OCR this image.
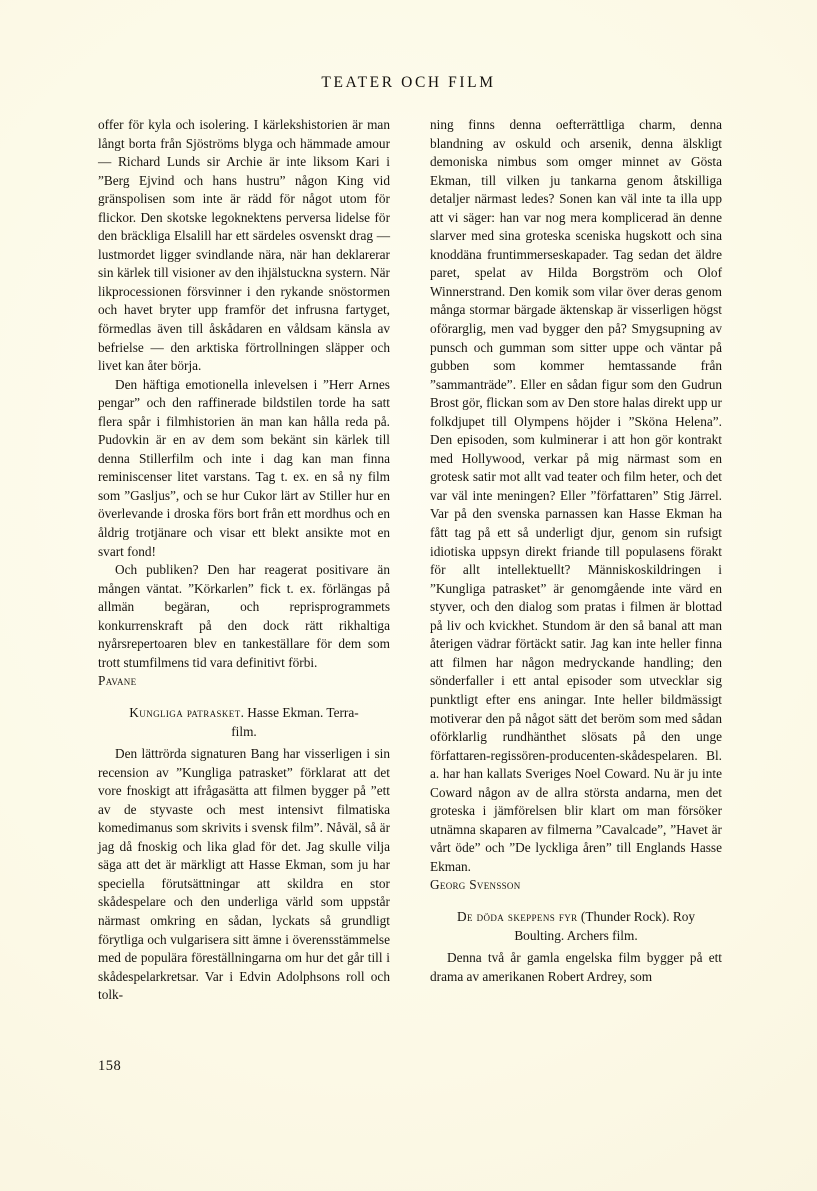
TEATER OCH FILM

offer för kyla och isolering. I kärlekshistorien är man långt borta från Sjöströms blyga och hämmade amour — Richard Lunds sir Archie är inte liksom Kari i ”Berg Ejvind och hans hustru” någon King vid gränspolisen som inte är rädd för något utom för flickor. Den skotske legoknektens perversa lidelse för den bräckliga Elsalill har ett särdeles osvenskt drag — lustmordet ligger svindlande nära, när han deklarerar sin kärlek till visioner av den ihjälstuckna systern. När likprocessionen försvinner i den rykande snöstormen och havet bryter upp framför det infrusna fartyget, förmedlas även till åskådaren en våldsam känsla av befrielse — den arktiska förtrollningen släpper och livet kan åter börja.

Den häftiga emotionella inlevelsen i ”Herr Arnes pengar” och den raffinerade bildstilen torde ha satt flera spår i filmhistorien än man kan hålla reda på. Pudovkin är en av dem som bekänt sin kärlek till denna Stillerfilm och inte i dag kan man finna reminiscenser litet varstans. Tag t. ex. en så ny film som ”Gasljus”, och se hur Cukor lärt av Stiller hur en överlevande i droska förs bort från ett mordhus och en åldrig trotjänare och visar ett blekt ansikte mot en svart fond!

Och publiken? Den har reagerat positivare än mången väntat. ”Körkarlen” fick t. ex. förlängas på allmän begäran, och reprisprogrammets konkurrenskraft på den dock rätt rikhaltiga nyårsrepertoaren blev en tankeställare för dem som trott stumfilmens tid vara definitivt förbi.

Pavane

Kungliga patrasket. Hasse Ekman. Terra-

film.

Den lättrörda signaturen Bang har visserligen i sin recension av ”Kungliga patrasket” förklarat att det vore fnoskigt att ifrågasätta att filmen bygger på ”ett av de styvaste och mest intensivt filmatiska komedimanus som skrivits i svensk film”. Nåväl, så är jag då fnoskig och lika glad för det. Jag skulle vilja säga att det är märkligt att Hasse Ekman, som ju har speciella förutsättningar att skildra en stor skådespelare och den underliga värld som uppstår närmast omkring en sådan, lyckats så grundligt förytliga och vulgarisera sitt ämne i överensstämmelse med de populära föreställningarna om hur det går till i skådespelarkretsar. Var i Edvin Adolphsons roll och tolk-

ning finns denna oefterrättliga charm, denna blandning av oskuld och arsenik, denna älskligt demoniska nimbus som omger minnet av Gösta Ekman, till vilken ju tankarna genom åtskilliga detaljer närmast ledes? Sonen kan väl inte ta illa upp att vi säger: han var nog mera komplicerad än denne slarver med sina groteska sceniska hugskott och sina knoddäna fruntimmerseskapader. Tag sedan det äldre paret, spelat av Hilda Borgström och Olof Winnerstrand. Den komik som vilar över deras genom många stormar bärgade äktenskap är visserligen högst oförarglig, men vad bygger den på? Smygsupning av punsch och gumman som sitter uppe och väntar på gubben som kommer hemtassande från ”sammanträde”. Eller en sådan figur som den Gudrun Brost gör, flickan som av Den store halas direkt upp ur folkdjupet till Olympens höjder i ”Sköna Helena”. Den episoden, som kulminerar i att hon gör kontrakt med Hollywood, verkar på mig närmast som en grotesk satir mot allt vad teater och film heter, och det var väl inte meningen? Eller ”författaren” Stig Järrel. Var på den svenska parnassen kan Hasse Ekman ha fått tag på ett så underligt djur, genom sin rufsigt idiotiska uppsyn direkt friande till populasens förakt för allt intellektuellt? Människoskildringen i ”Kungliga patrasket” är genomgående inte värd en styver, och den dialog som pratas i filmen är blottad på liv och kvickhet. Stundom är den så banal att man återigen vädrar förtäckt satir. Jag kan inte heller finna att filmen har någon medryckande handling; den sönderfaller i ett antal episoder som utvecklar sig punktligt efter ens aningar. Inte heller bildmässigt motiverar den på något sätt det beröm som med sådan oförklarlig rundhänthet slösats på den unge författaren-regissören-producenten-skådespelaren. Bl. a. har han kallats Sveriges Noel Coward. Nu är ju inte Coward någon av de allra största andarna, men det groteska i jämförelsen blir klart om man försöker utnämna skaparen av filmerna ”Cavalcade”, ”Havet är vårt öde” och ”De lyckliga åren” till Englands Hasse Ekman.

Georg Svensson

De döda skeppens fyr (Thunder Rock). Roy

Boulting. Archers film.

Denna två år gamla engelska film bygger på ett drama av amerikanen Robert Ardrey, som

158
